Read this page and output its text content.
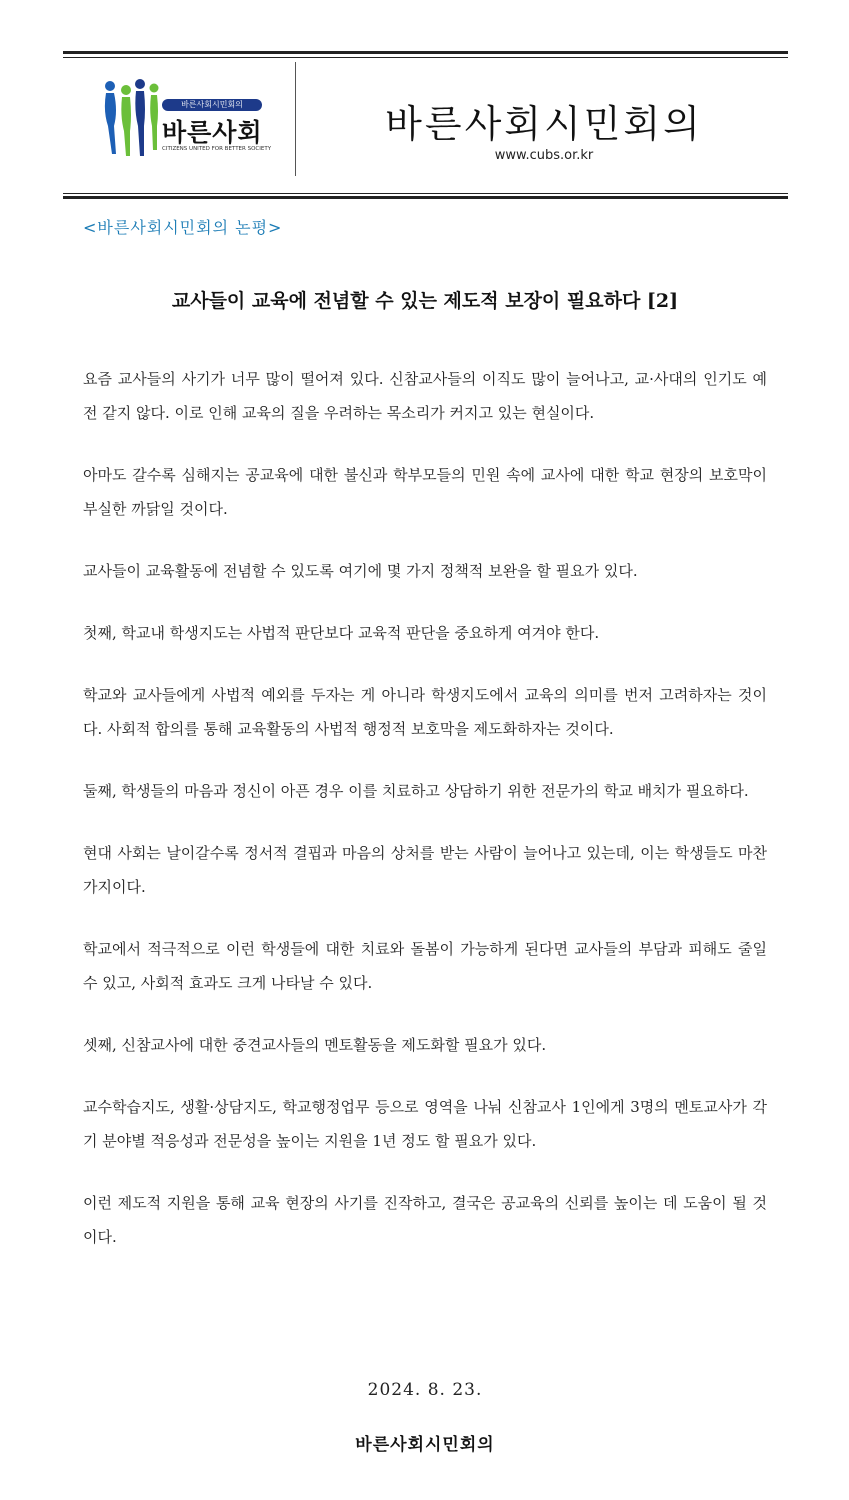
바른사회시민회의
바른사회
CITIZENS UNITED FOR BETTER SOCIETY
바른사회시민회의
www.cubs.or.kr
<바른사회시민회의 논평>
교사들이 교육에 전념할 수 있는 제도적 보장이 필요하다 [2]

요즘 교사들의 사기가 너무 많이 떨어져 있다. 신참교사들의 이직도 많이 늘어나고, 교·사대의 인기도 예전 같지 않다. 이로 인해 교육의 질을 우려하는 목소리가 커지고 있는 현실이다.

아마도 갈수록 심해지는 공교육에 대한 불신과 학부모들의 민원 속에 교사에 대한 학교 현장의 보호막이 부실한 까닭일 것이다.

교사들이 교육활동에 전념할 수 있도록 여기에 몇 가지 정책적 보완을 할 필요가 있다.

첫째, 학교내 학생지도는 사법적 판단보다 교육적 판단을 중요하게 여겨야 한다.

학교와 교사들에게 사법적 예외를 두자는 게 아니라 학생지도에서 교육의 의미를 번저 고려하자는 것이다. 사회적 합의를 통해 교육활동의 사법적 행정적 보호막을 제도화하자는 것이다.

둘째, 학생들의 마음과 정신이 아픈 경우 이를 치료하고 상담하기 위한 전문가의 학교 배치가 필요하다.

현대 사회는 날이갈수록 정서적 결핍과 마음의 상처를 받는 사람이 늘어나고 있는데, 이는 학생들도 마찬가지이다.

학교에서 적극적으로 이런 학생들에 대한 치료와 돌봄이 가능하게 된다면 교사들의 부담과 피해도 줄일 수 있고, 사회적 효과도 크게 나타날 수 있다.

셋째, 신참교사에 대한 중견교사들의 멘토활동을 제도화할 필요가 있다.

교수학습지도, 생활·상담지도, 학교행정업무 등으로 영역을 나눠 신참교사 1인에게 3명의 멘토교사가 각기 분야별 적응성과 전문성을 높이는 지원을 1년 정도 할 필요가 있다.

이런 제도적 지원을 통해 교육 현장의 사기를 진작하고, 결국은 공교육의 신뢰를 높이는 데 도움이 될 것이다.

2024. 8. 23.
바른사회시민회의
